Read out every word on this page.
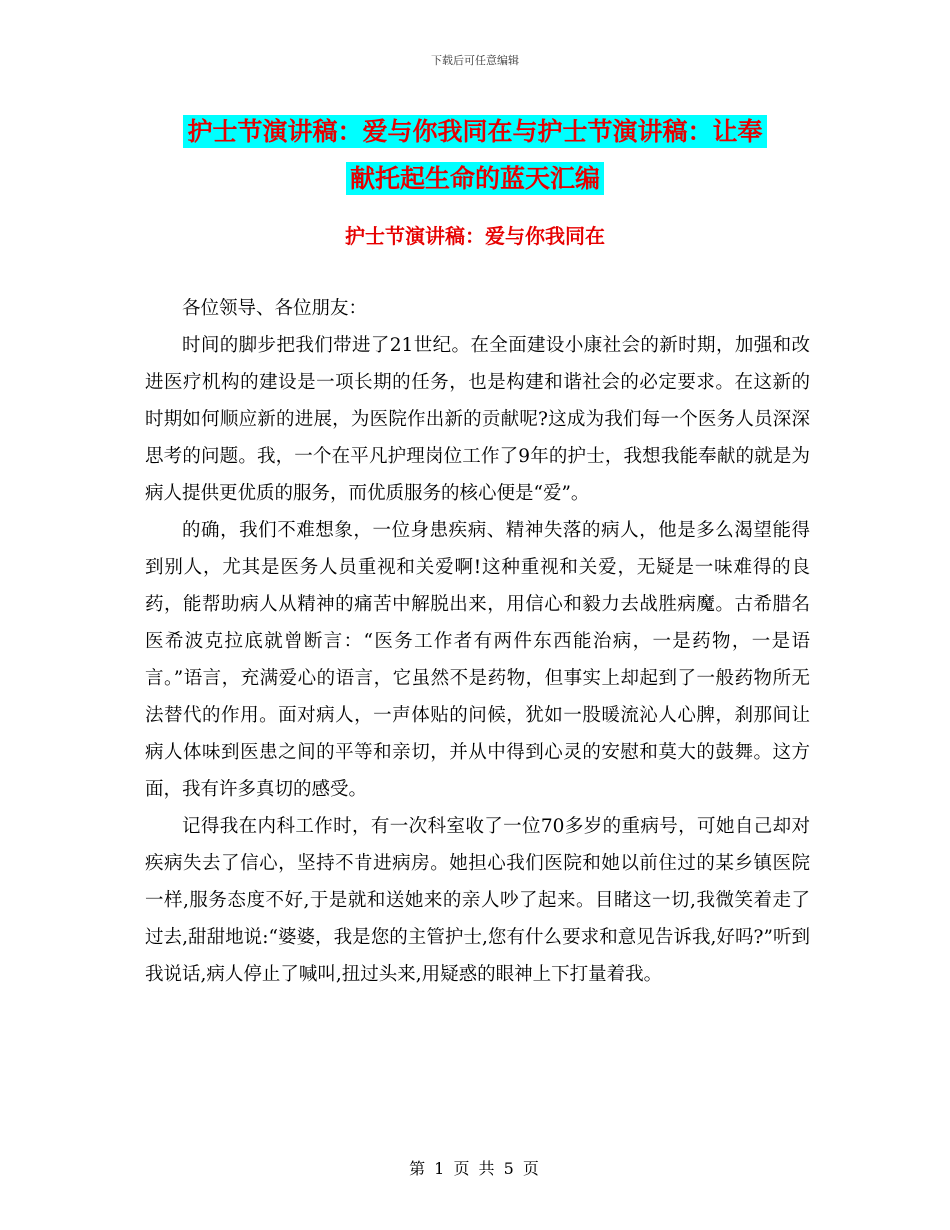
下载后可任意编辑
护士节演讲稿：爱与你我同在与护士节演讲稿：让奉
献托起生命的蓝天汇编
护士节演讲稿：爱与你我同在

各位领导、各位朋友：

时间的脚步把我们带进了21世纪。在全面建设小康社会的新时期，加强和改进医疗机构的建设是一项长期的任务，也是构建和谐社会的必定要求。在这新的时期如何顺应新的进展，为医院作出新的贡献呢?这成为我们每一个医务人员深深思考的问题。我，一个在平凡护理岗位工作了9年的护士，我想我能奉献的就是为病人提供更优质的服务，而优质服务的核心便是“爱”。

的确，我们不难想象，一位身患疾病、精神失落的病人，他是多么渴望能得到别人，尤其是医务人员重视和关爱啊!这种重视和关爱，无疑是一味难得的良药，能帮助病人从精神的痛苦中解脱出来，用信心和毅力去战胜病魔。古希腊名医希波克拉底就曾断言：“医务工作者有两件东西能治病，一是药物，一是语言。”语言，充满爱心的语言，它虽然不是药物，但事实上却起到了一般药物所无法替代的作用。面对病人，一声体贴的问候，犹如一股暖流沁人心脾，刹那间让病人体味到医患之间的平等和亲切，并从中得到心灵的安慰和莫大的鼓舞。这方面，我有许多真切的感受。

记得我在内科工作时，有一次科室收了一位70多岁的重病号，可她自己却对疾病失去了信心，坚持不肯进病房。她担心我们医院和她以前住过的某乡镇医院一样,服务态度不好,于是就和送她来的亲人吵了起来。目睹这一切,我微笑着走了过去,甜甜地说:“婆婆，我是您的主管护士,您有什么要求和意见告诉我,好吗?”听到我说话,病人停止了喊叫,扭过头来,用疑惑的眼神上下打量着我。

第 1 页 共 5 页
